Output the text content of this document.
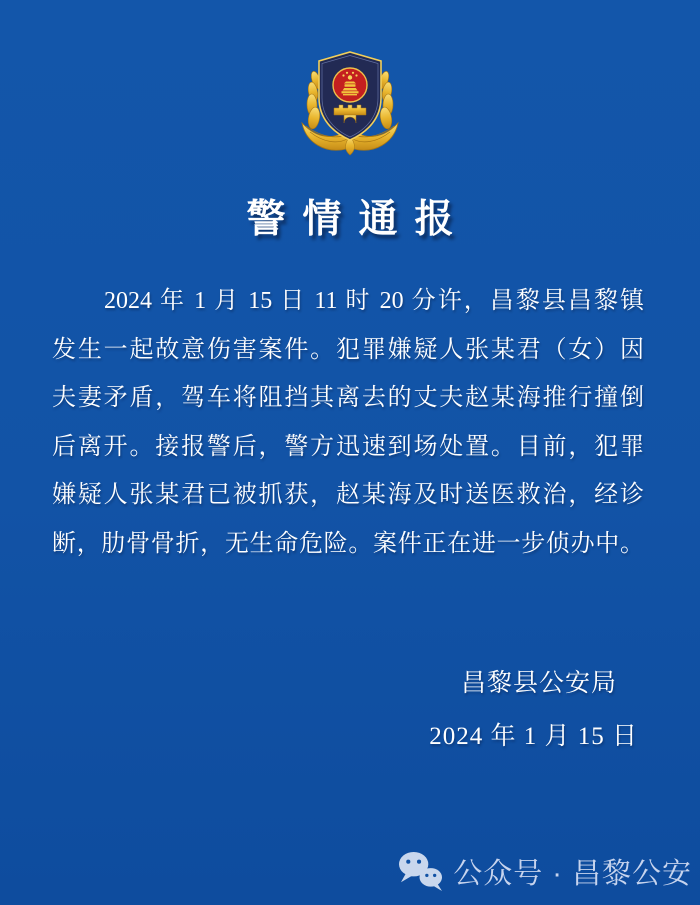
警情通报
2024 年 1 月 15 日 11 时 20 分许，昌黎县昌黎镇
发生一起故意伤害案件。犯罪嫌疑人张某君（女）因
夫妻矛盾，驾车将阻挡其离去的丈夫赵某海推行撞倒
后离开。接报警后，警方迅速到场处置。目前，犯罪
嫌疑人张某君已被抓获，赵某海及时送医救治，经诊
断，肋骨骨折，无生命危险。案件正在进一步侦办中。
昌黎县公安局
2024 年 1 月 15 日
公众号 · 昌黎公安
